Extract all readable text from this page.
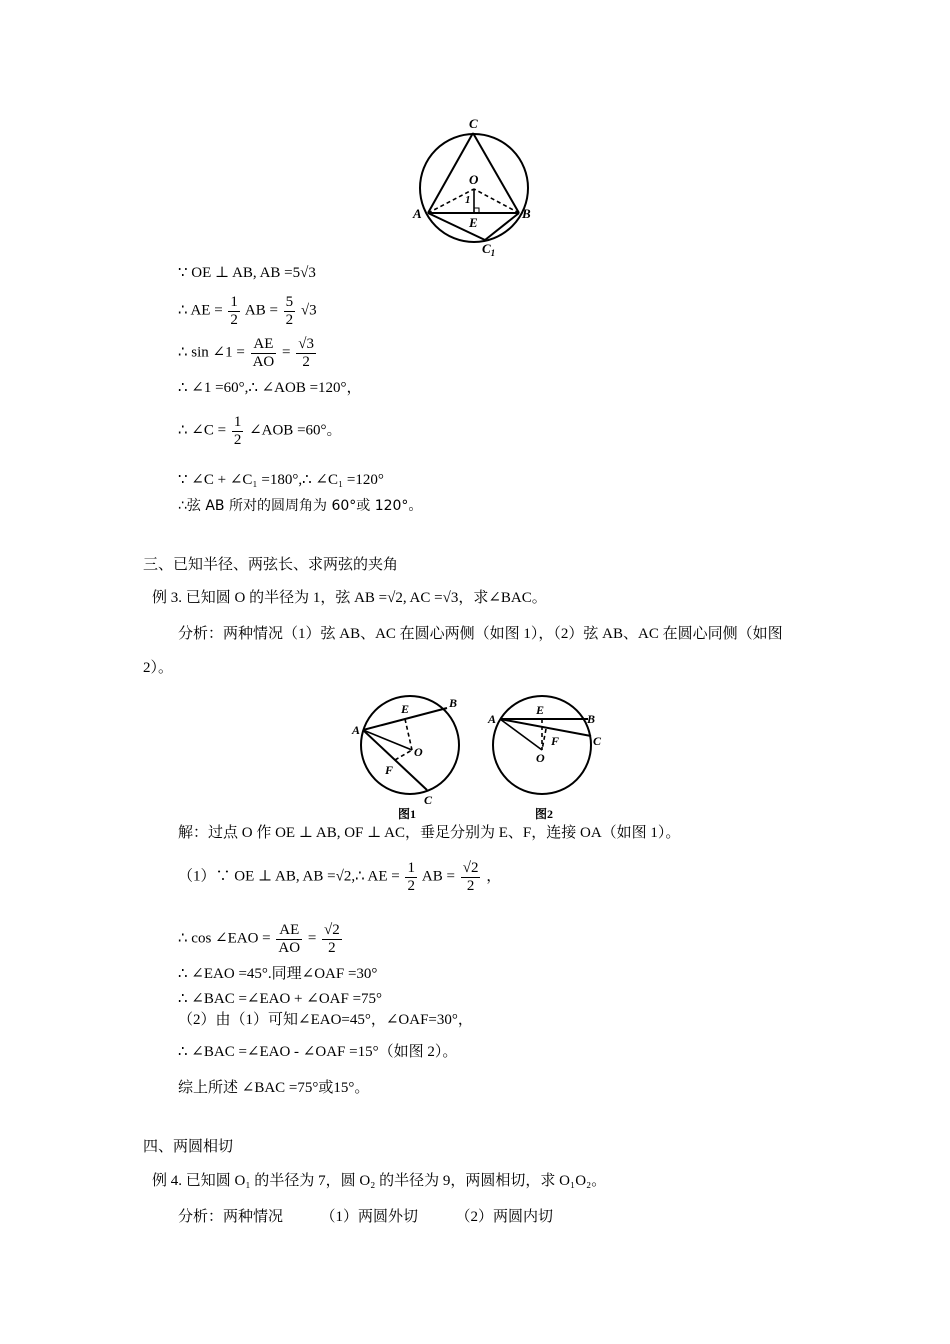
C
O
1
A
E
B
$C_1$
∵ OE ⊥ AB, AB =5√3
∴ AE = $\frac{1}{2}$ AB = $\frac{5}{2} √3$
∴ sin ∠1 = $\frac{AE}{AO} = \frac{√3}{2}$
∴ ∠1 =60°,∴ ∠AOB =120°，
∴ ∠C = $\frac{1}{2}$ ∠AOB =60°。
∵ ∠C + ∠C₁ =180°,∴ ∠C₁ =120°
∴弦 AB 所对的圆周角为 60°或 120°。
三、已知半径、两弦长、求两弦的夹角
例 3. 已知圆 O 的半径为 1，弦 AB =√2, AC =√3，求∠BAC。
分析：两种情况（1）弦 AB、AC 在圆心两侧（如图 1），（2）弦 AB、AC 在圆心同侧（如图
2）。
A
B
E
O
F
C
图1
A
E
B
F	C
O
图2
解：过点 O 作 OE ⊥ AB, OF ⊥ AC，垂足分别为 E、F，连接 OA（如图 1）。
（1）∵ OE ⊥ AB, AB =√2,∴ AE = $\frac{1}{2}$ AB = $\frac{√2}{2}$ ，
∴ cos ∠EAO = $\frac{AE}{AO} = \frac{√2}{2}$
∴ ∠EAO =45°.同理∠OAF =30°
∴ ∠BAC =∠EAO + ∠OAF =75°
（2）由（1）可知∠EAO=45°，∠OAF=30°，
∴ ∠BAC =∠EAO - ∠OAF =15°（如图 2）。
综上所述 ∠BAC =75°或15°。
四、两圆相切
例 4. 已知圆 O₁ 的半径为 7，圆 O₂ 的半径为 9，两圆相切，求 O₁O₂。
分析：两种情况　　　（1）两圆外切　　　（2）两圆内切
